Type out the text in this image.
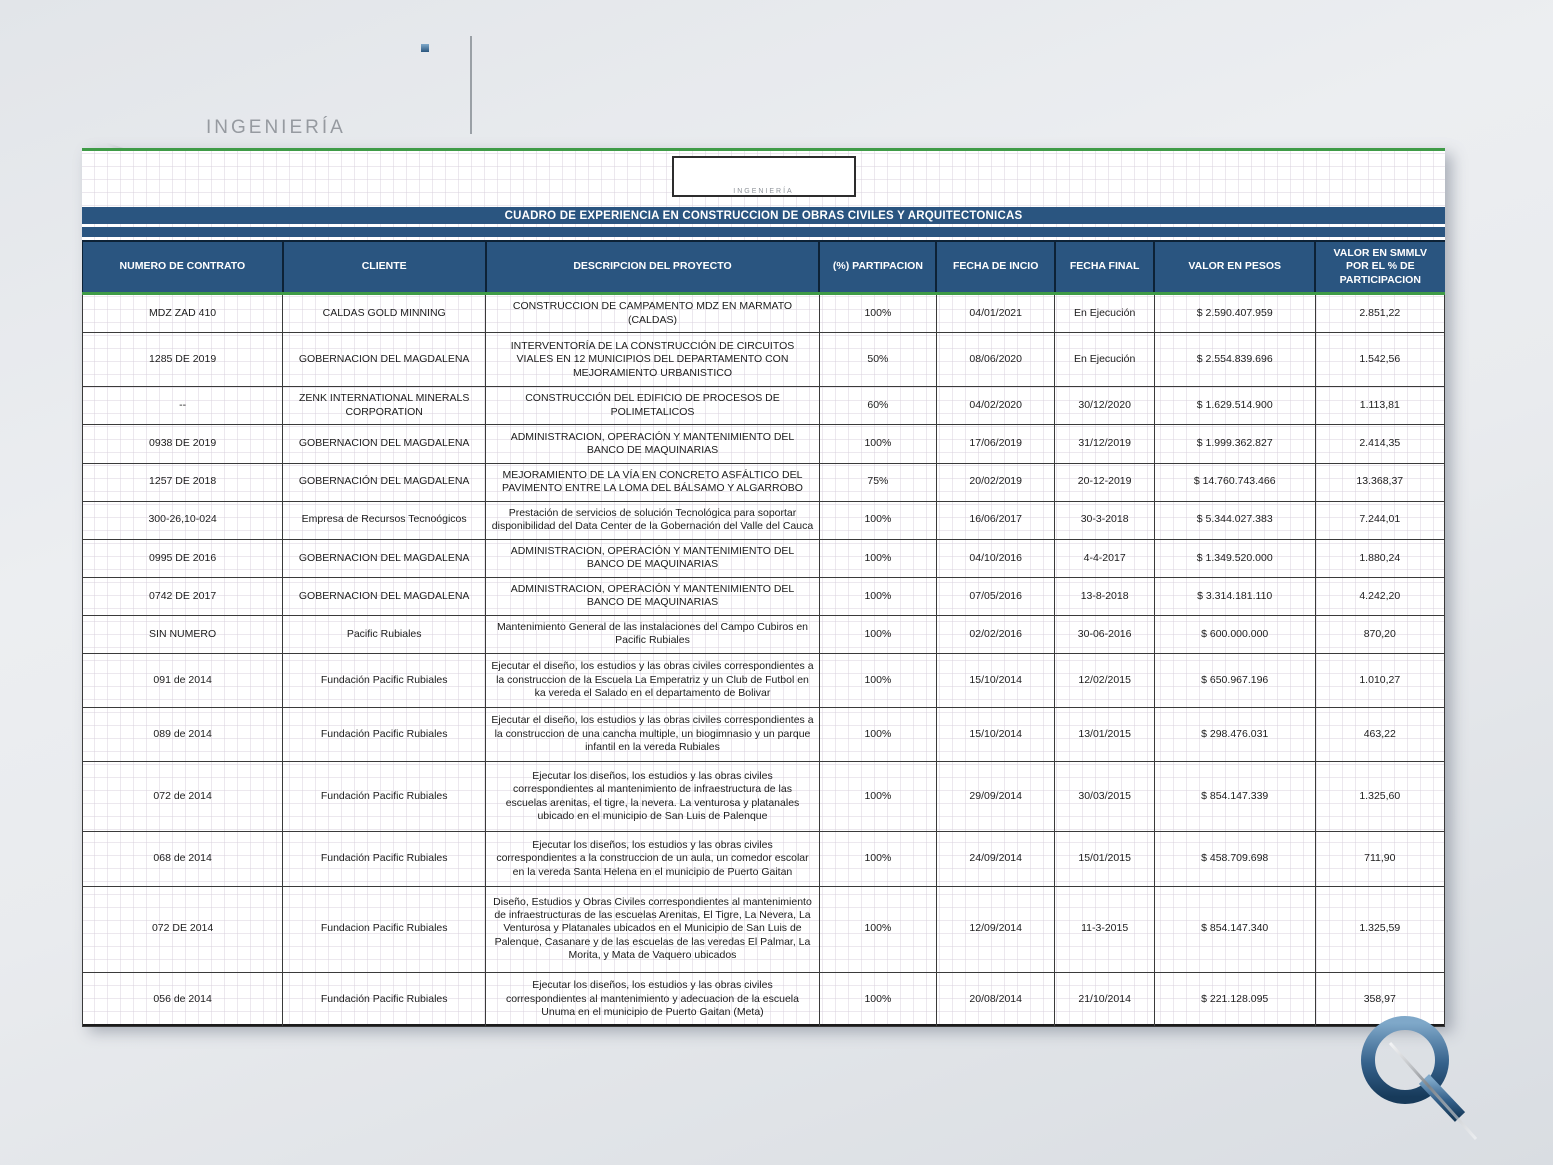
QUADRANTI
INGENIERÍA
QUADRANTI
INGENIERÍA
CUADRO DE EXPERIENCIA EN CONSTRUCCION DE OBRAS CIVILES Y ARQUITECTONICAS
NUMERO DE CONTRATO	CLIENTE	DESCRIPCION DEL PROYECTO	(%) PARTIPACION	FECHA DE INCIO	FECHA FINAL	VALOR EN PESOS	VALOR EN SMMLV POR EL % DE PARTICIPACION
MDZ ZAD 410	CALDAS GOLD MINNING	CONSTRUCCION DE CAMPAMENTO MDZ EN MARMATO (CALDAS)	100%	04/01/2021	En Ejecución	$ 2.590.407.959	2.851,22
1285 DE 2019	GOBERNACION DEL MAGDALENA	INTERVENTORÍA DE LA CONSTRUCCIÓN DE CIRCUITOS VIALES EN 12 MUNICIPIOS DEL DEPARTAMENTO CON MEJORAMIENTO URBANISTICO	50%	08/06/2020	En Ejecución	$ 2.554.839.696	1.542,56
--	ZENK INTERNATIONAL MINERALS CORPORATION	CONSTRUCCIÓN DEL EDIFICIO DE PROCESOS DE POLIMETALICOS	60%	04/02/2020	30/12/2020	$ 1.629.514.900	1.113,81
0938 DE 2019	GOBERNACION DEL MAGDALENA	ADMINISTRACION, OPERACIÓN Y MANTENIMIENTO DEL BANCO DE MAQUINARIAS	100%	17/06/2019	31/12/2019	$ 1.999.362.827	2.414,35
1257 DE 2018	GOBERNACIÓN DEL MAGDALENA	MEJORAMIENTO DE LA VÍA EN CONCRETO ASFÁLTICO DEL PAVIMENTO ENTRE LA LOMA DEL BÁLSAMO Y ALGARROBO	75%	20/02/2019	20-12-2019	$ 14.760.743.466	13.368,37
300-26,10-024	Empresa de Recursos Tecnoógicos	Prestación de servicios de solución Tecnológica para soportar disponibilidad del Data Center de la Gobernación del Valle del Cauca	100%	16/06/2017	30-3-2018	$ 5.344.027.383	7.244,01
0995 DE 2016	GOBERNACION DEL MAGDALENA	ADMINISTRACION, OPERACIÓN Y MANTENIMIENTO DEL BANCO DE MAQUINARIAS	100%	04/10/2016	4-4-2017	$ 1.349.520.000	1.880,24
0742 DE 2017	GOBERNACION DEL MAGDALENA	ADMINISTRACION, OPERACIÓN Y MANTENIMIENTO DEL BANCO DE MAQUINARIAS	100%	07/05/2016	13-8-2018	$ 3.314.181.110	4.242,20
SIN NUMERO	Pacific Rubiales	Mantenimiento General de las instalaciones del Campo Cubiros en Pacific Rubiales	100%	02/02/2016	30-06-2016	$ 600.000.000	870,20
091 de 2014	Fundación Pacific Rubiales	Ejecutar el diseño, los estudios y las obras civiles correspondientes a la construccion de la Escuela La Emperatriz y un Club de Futbol en ka vereda el Salado en el departamento de Bolivar	100%	15/10/2014	12/02/2015	$ 650.967.196	1.010,27
089 de 2014	Fundación Pacific Rubiales	Ejecutar el diseño, los estudios y las obras civiles correspondientes a la construccion de una cancha multiple, un biogimnasio y un parque infantil en la vereda Rubiales	100%	15/10/2014	13/01/2015	$ 298.476.031	463,22
072 de 2014	Fundación Pacific Rubiales	Ejecutar los diseños, los estudios y las obras civiles correspondientes al mantenimiento de infraestructura de las escuelas arenitas, el tigre, la nevera. La venturosa y platanales ubicado en el municipio de San Luis de Palenque	100%	29/09/2014	30/03/2015	$ 854.147.339	1.325,60
068 de 2014	Fundación Pacific Rubiales	Ejecutar los diseños, los estudios y las obras civiles correspondientes a la construccion de un aula, un comedor escolar en la vereda Santa Helena en el municipio de Puerto Gaitan	100%	24/09/2014	15/01/2015	$ 458.709.698	711,90
072 DE 2014	Fundacion Pacific Rubiales	Diseño, Estudios y Obras Civiles correspondientes al mantenimiento de infraestructuras de las escuelas Arenitas, El Tigre, La Nevera, La Venturosa y Platanales ubicados en el Municipio de San Luis de Palenque, Casanare y de las escuelas de las veredas El Palmar, La Morita, y Mata de Vaquero ubicados	100%	12/09/2014	11-3-2015	$ 854.147.340	1.325,59
056 de 2014	Fundación Pacific Rubiales	Ejecutar los diseños, los estudios y las obras civiles correspondientes al mantenimiento y adecuacion de la escuela Unuma en el municipio de Puerto Gaitan (Meta)	100%	20/08/2014	21/10/2014	$ 221.128.095	358,97
